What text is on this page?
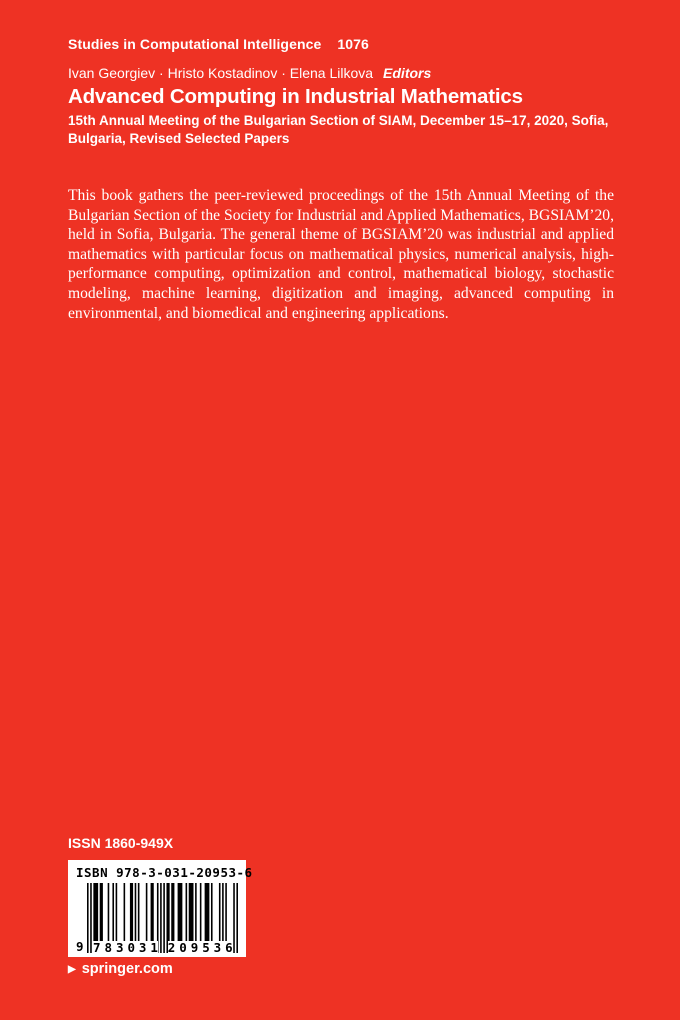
Studies in Computational Intelligence 1076
Ivan Georgiev · Hristo Kostadinov · Elena Lilkova Editors
Advanced Computing in Industrial Mathematics
15th Annual Meeting of the Bulgarian Section of SIAM, December 15–17, 2020, Sofia, Bulgaria, Revised Selected Papers
This book gathers the peer-reviewed proceedings of the 15th Annual Meeting of the Bulgarian Section of the Society for Industrial and Applied Mathematics, BGSIAM’20, held in Sofia, Bulgaria. The general theme of BGSIAM’20 was industrial and applied mathematics with particular focus on mathematical physics, numerical analysis, high-performance computing, optimization and control, mathematical biology, stochastic modeling, machine learning, digitization and imaging, advanced computing in environmental, and biomedical and engineering applications.
ISSN 1860-949X
ISBN 978-3-031-20953-6
9 7 8 3 0 3 1 2 0 9 5 3 6
▶ springer.com
